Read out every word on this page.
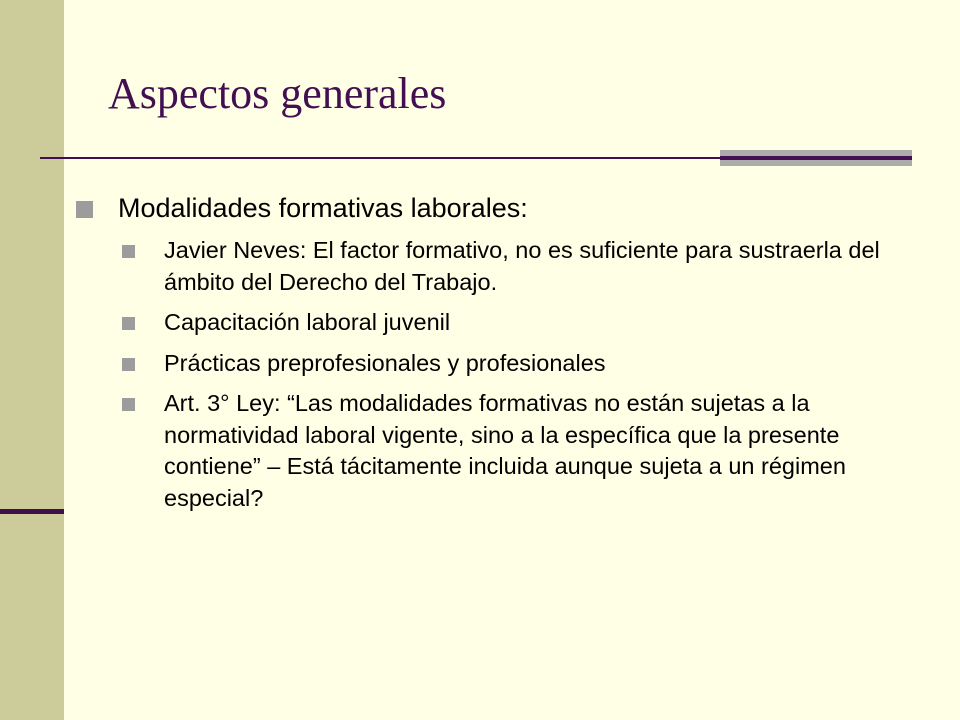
Aspectos generales
Modalidades formativas laborales:
Javier Neves: El factor formativo, no es suficiente para sustraerla del ámbito del Derecho del Trabajo.
Capacitación laboral juvenil
Prácticas preprofesionales y profesionales
Art. 3° Ley: “Las modalidades formativas no están sujetas a la normatividad laboral vigente, sino a la específica que la presente contiene” – Está tácitamente incluida aunque sujeta a un régimen especial?
